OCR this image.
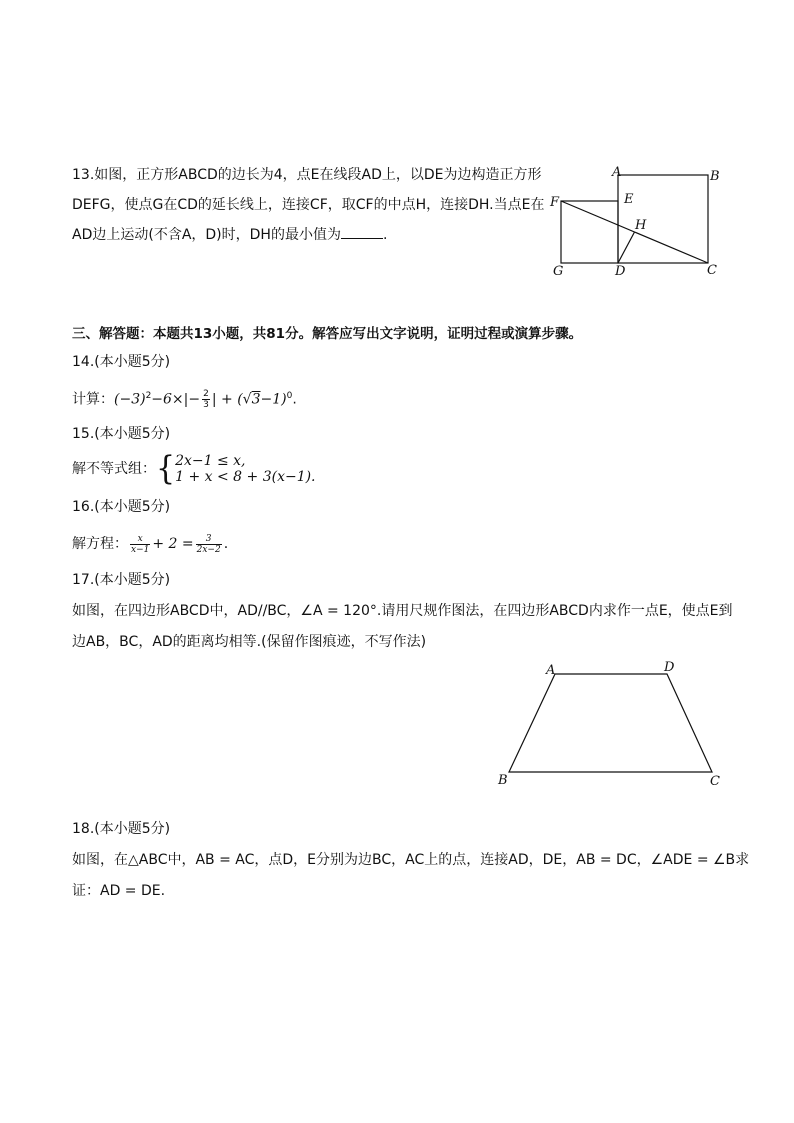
13.如图，正方形ABCD的边长为4，点E在线段AD上，以DE为边构造正方形

DEFG，使点G在CD的延长线上，连接CF，取CF的中点H，连接DH.当点E在

AD边上运动(不含A，D)时，DH的最小值为	.

A	B
C
D
E
F
G
H
三、解答题：本题共13小题，共81分。解答应写出文字说明，证明过程或演算步骤。
14.(本小题5分)
计算：$(-3)^2-6\times|- \frac{2}{3}$ | + $(√3-1)^0$.
15.(本小题5分)
解不等式组：{ 2x−1 ≤ x,
1 + x < 8 + 3(x−1).
16.(本小题5分)
解方程： $\frac{x}{x-1} + 2 = \frac{3}{2x-2}$ .
17.(本小题5分)
如图，在四边形ABCD中，AD//BC，∠A = 120°.请用尺规作图法，在四边形ABCD内求作一点E，使点E到
边AB，BC，AD的距离均相等.(保留作图痕迹，不写作法)
A	D
C
B
18.(本小题5分)
如图，在△ABC中，AB = AC，点D，E分别为边BC，AC上的点，连接AD，DE，AB = DC，∠ADE = ∠B求
证：AD = DE.
